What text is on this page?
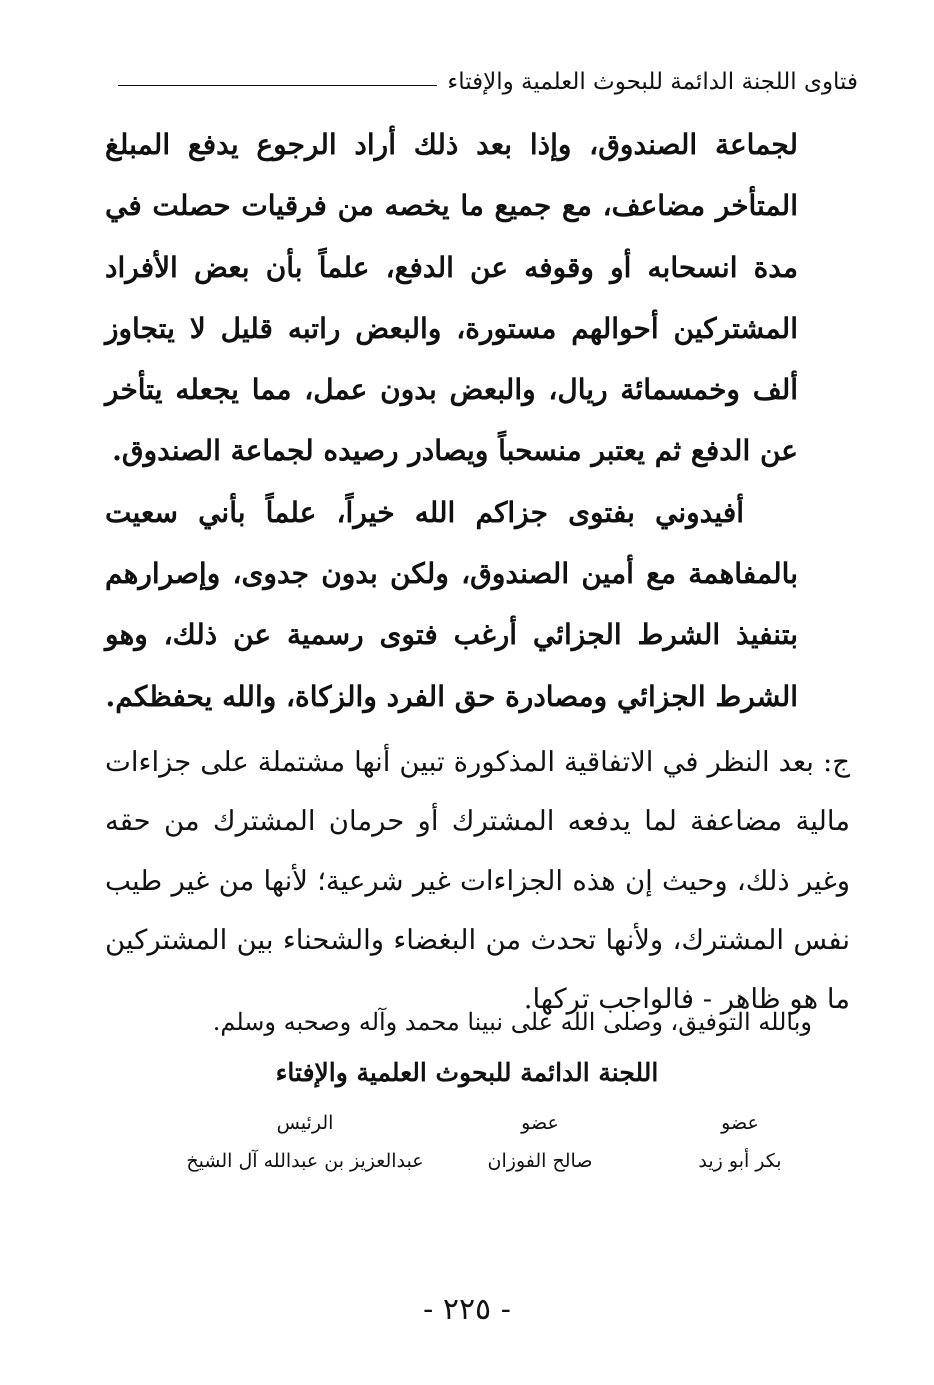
فتاوى اللجنة الدائمة للبحوث العلمية والإفتاء

لجماعة الصندوق، وإذا بعد ذلك أراد الرجوع يدفع المبلغ المتأخر مضاعف، مع جميع ما يخصه من فرقيات حصلت في مدة انسحابه أو وقوفه عن الدفع، علماً بأن بعض الأفراد المشتركين أحوالهم مستورة، والبعض راتبه قليل لا يتجاوز ألف وخمسمائة ريال، والبعض بدون عمل، مما يجعله يتأخر عن الدفع ثم يعتبر منسحباً ويصادر رصيده لجماعة الصندوق.

أفيدوني بفتوى جزاكم الله خيراً، علماً بأني سعيت بالمفاهمة مع أمين الصندوق، ولكن بدون جدوى، وإصرارهم بتنفيذ الشرط الجزائي أرغب فتوى رسمية عن ذلك، وهو الشرط الجزائي ومصادرة حق الفرد والزكاة، والله يحفظكم.

ج: بعد النظر في الاتفاقية المذكورة تبين أنها مشتملة على جزاءات مالية مضاعفة لما يدفعه المشترك أو حرمان المشترك من حقه وغير ذلك، وحيث إن هذه الجزاءات غير شرعية؛ لأنها من غير طيب نفس المشترك، ولأنها تحدث من البغضاء والشحناء بين المشتركين ما هو ظاهر - فالواجب تركها.

وبالله التوفيق، وصلى الله على نبينا محمد وآله وصحبه وسلم.
اللجنة الدائمة للبحوث العلمية والإفتاء
عضو
بكر أبو زيد
عضو
صالح الفوزان
الرئيس
عبدالعزيز بن عبدالله آل الشيخ
- ٢٢٥ -
